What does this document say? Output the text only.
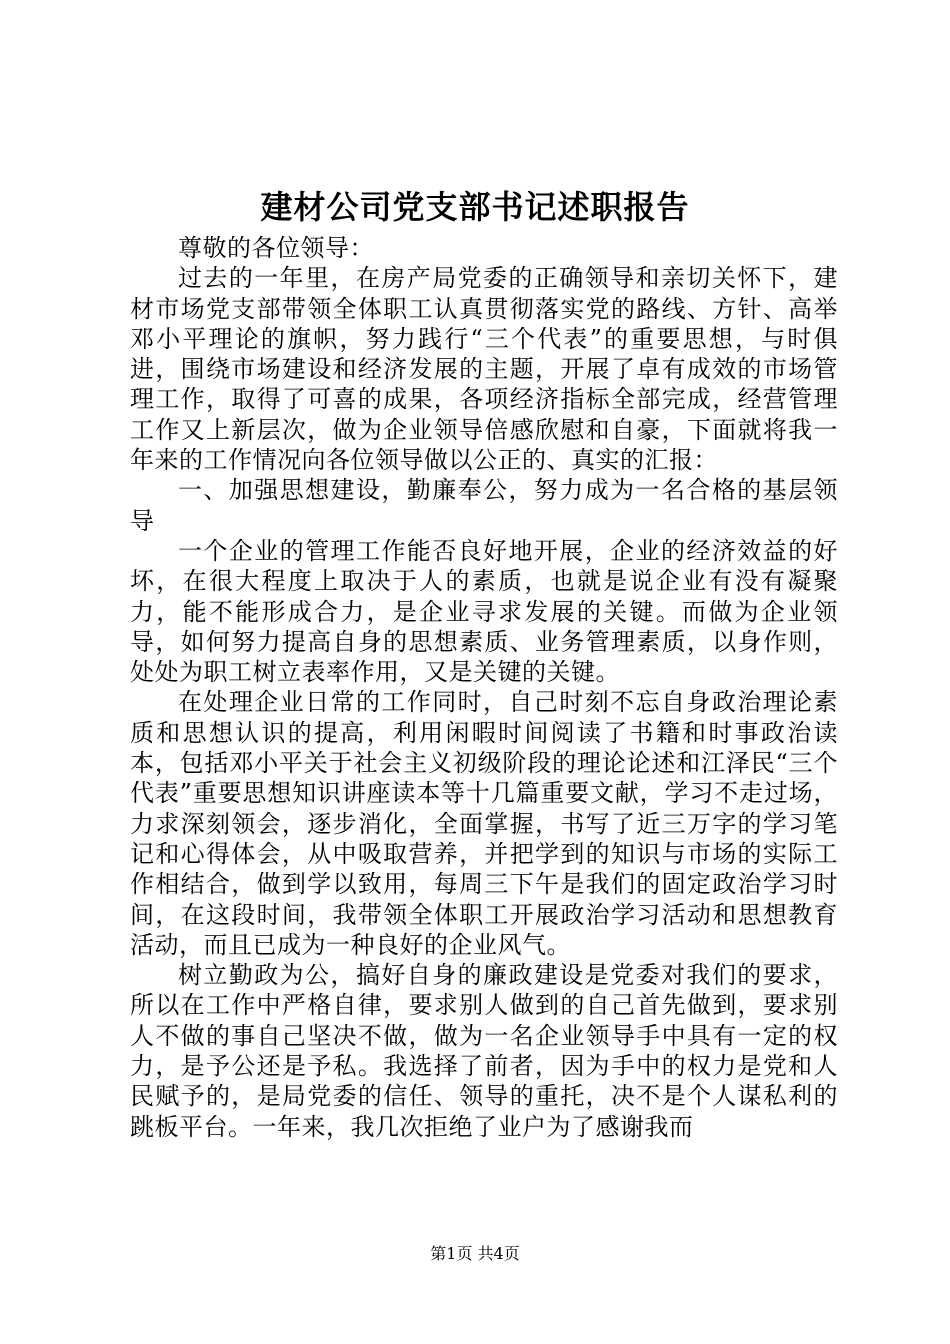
建材公司党支部书记述职报告

尊敬的各位领导：

过去的一年里，在房产局党委的正确领导和亲切关怀下，建材市场党支部带领全体职工认真贯彻落实党的路线、方针、高举邓小平理论的旗帜，努力践行“三个代表”的重要思想，与时俱进，围绕市场建设和经济发展的主题，开展了卓有成效的市场管理工作，取得了可喜的成果，各项经济指标全部完成，经营管理工作又上新层次，做为企业领导倍感欣慰和自豪，下面就将我一年来的工作情况向各位领导做以公正的、真实的汇报：

一、加强思想建设，勤廉奉公，努力成为一名合格的基层领导

一个企业的管理工作能否良好地开展，企业的经济效益的好坏，在很大程度上取决于人的素质，也就是说企业有没有凝聚力，能不能形成合力，是企业寻求发展的关键。而做为企业领导，如何努力提高自身的思想素质、业务管理素质，以身作则，处处为职工树立表率作用，又是关键的关键。

在处理企业日常的工作同时，自己时刻不忘自身政治理论素质和思想认识的提高，利用闲暇时间阅读了书籍和时事政治读本，包括邓小平关于社会主义初级阶段的理论论述和江泽民“三个代表”重要思想知识讲座读本等十几篇重要文献，学习不走过场，力求深刻领会，逐步消化，全面掌握，书写了近三万字的学习笔记和心得体会，从中吸取营养，并把学到的知识与市场的实际工作相结合，做到学以致用，每周三下午是我们的固定政治学习时间，在这段时间，我带领全体职工开展政治学习活动和思想教育活动，而且已成为一种良好的企业风气。

树立勤政为公，搞好自身的廉政建设是党委对我们的要求，所以在工作中严格自律，要求别人做到的自己首先做到，要求别人不做的事自己坚决不做，做为一名企业领导手中具有一定的权力，是予公还是予私。我选择了前者，因为手中的权力是党和人民赋予的，是局党委的信任、领导的重托，决不是个人谋私利的跳板平台。一年来，我几次拒绝了业户为了感谢我而

第1页 共4页
